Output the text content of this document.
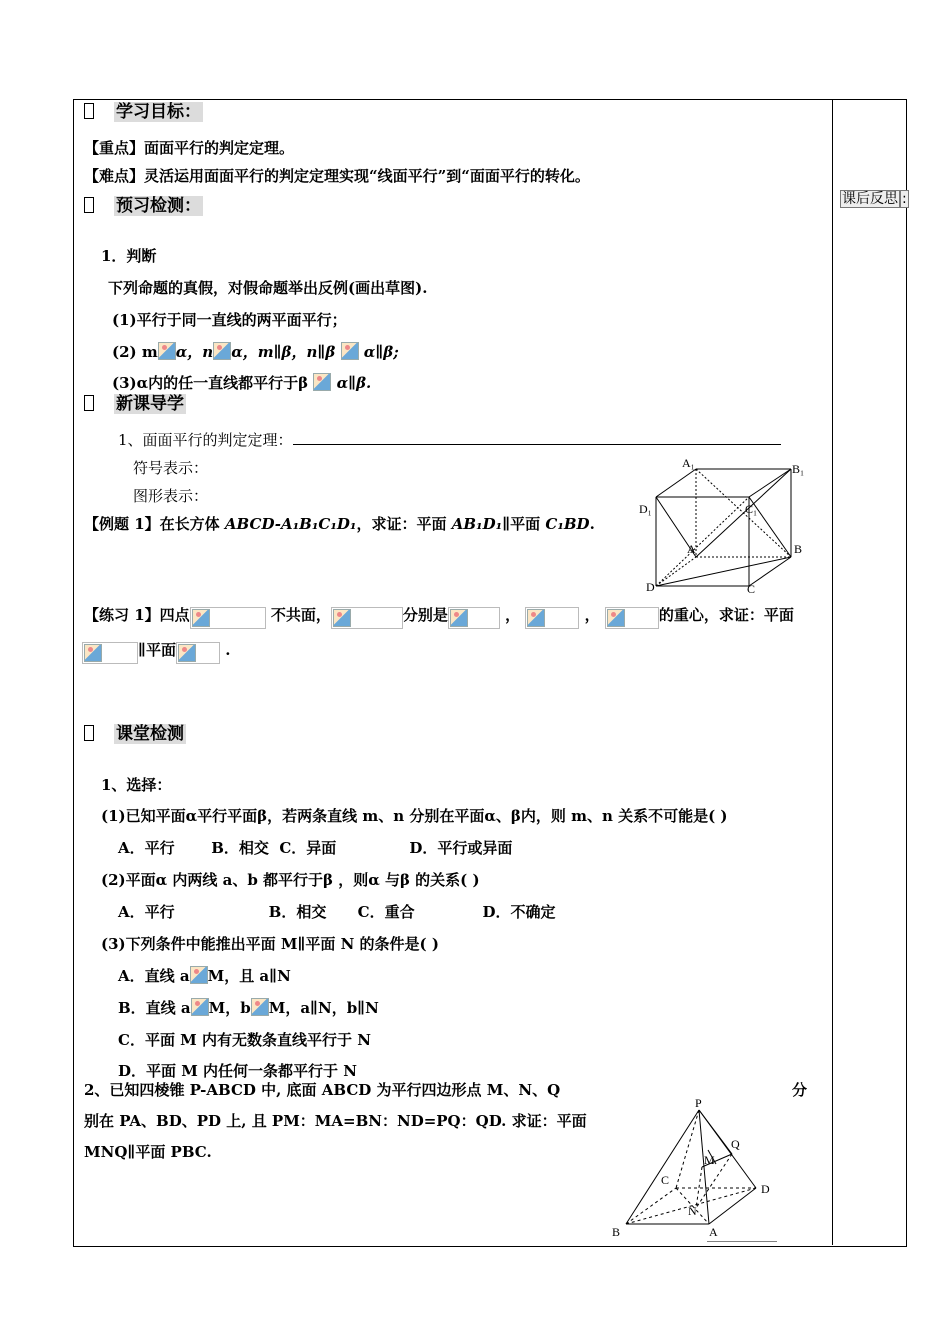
课后反思 :
学习目标：
【重点】面面平行的判定定理。
【难点】灵活运用面面平行的判定定理实现“线面平行”到“面面平行的转化。
预习检测：
1．判断
下列命题的真假，对假命题举出反例(画出草图).
(1)平行于同一直线的两平面平行；
(2) m α，n α，m∥β，n∥β α∥β;
(3)α内的任一直线都平行于β α∥β.
新课导学
1、面面平行的判定定理：
符号表示：
图形表示：
【例题 1】在长方体 ABCD-A₁B₁C₁D₁，求证：平面 AB₁D₁∥平面 C₁BD.
A₁	B₁
D₁	C₁
A	B
D	C
【练习 1】四点	不共面，	分别是	，	，	的重心，求证：平面
∥平面	.
课堂检测
1、选择：
(1)已知平面α平行平面β，若两条直线 m、n 分别在平面α、β内，则 m、n 关系不可能是( )
A．平行 B．相交 C．异面	D．平行或异面
(2)平面α 内两线 a、b 都平行于β ，则α 与β 的关系( )
A．平行	B．相交 C．重合	D．不确定
(3)下列条件中能推出平面 M∥平面 N 的条件是( )
A．直线 a M，且 a∥N
B．直线 a M，b M，a∥N，b∥N
C．平面 M 内有无数条直线平行于 N
D．平面 M 内任何一条都平行于 N
2、已知四棱锥 P-ABCD 中, 底面 ABCD 为平行四边形点 M、N、Q	分
别在 PA、BD、PD 上, 且 PM：MA=BN：ND=PQ：QD. 求证：平面
MNQ∥平面 PBC.
P
Q
M
C
D
N
B	A
